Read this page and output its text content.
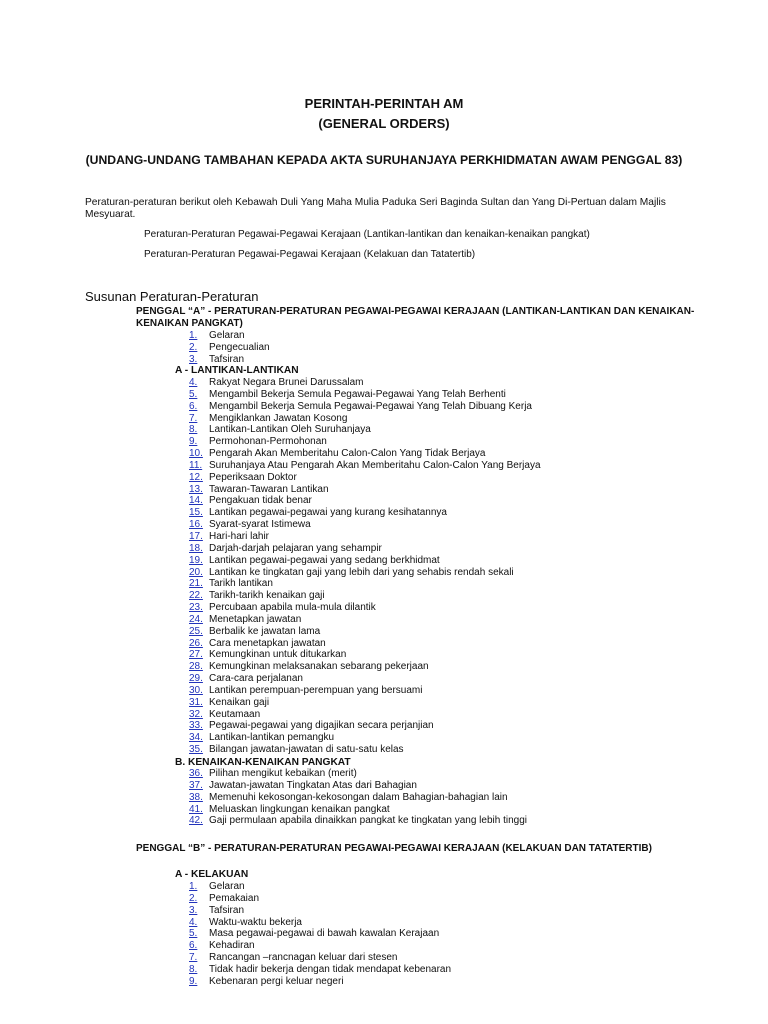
PERINTAH-PERINTAH AM
(GENERAL ORDERS)
(UNDANG-UNDANG TAMBAHAN KEPADA AKTA SURUHANJAYA PERKHIDMATAN AWAM PENGGAL 83)
Peraturan-peraturan berikut oleh Kebawah Duli Yang Maha Mulia Paduka Seri Baginda Sultan dan Yang Di-Pertuan dalam Majlis Mesyuarat.
Peraturan-Peraturan Pegawai-Pegawai Kerajaan (Lantikan-lantikan dan kenaikan-kenaikan pangkat)
Peraturan-Peraturan Pegawai-Pegawai Kerajaan (Kelakuan dan Tatatertib)
Susunan Peraturan-Peraturan
PENGGAL “A” - PERATURAN-PERATURAN PEGAWAI-PEGAWAI KERAJAAN (LANTIKAN-LANTIKAN DAN KENAIKAN-KENAIKAN PANGKAT)
1. Gelaran
2. Pengecualian
3. Tafsiran
A - LANTIKAN-LANTIKAN
4. Rakyat Negara Brunei Darussalam
5. Mengambil Bekerja Semula Pegawai-Pegawai Yang Telah Berhenti
6. Mengambil Bekerja Semula Pegawai-Pegawai Yang Telah Dibuang Kerja
7. Mengiklankan Jawatan Kosong
8. Lantikan-Lantikan Oleh Suruhanjaya
9. Permohonan-Permohonan
10. Pengarah Akan Memberitahu Calon-Calon Yang Tidak Berjaya
11. Suruhanjaya Atau Pengarah Akan Memberitahu Calon-Calon Yang Berjaya
12. Peperiksaan Doktor
13. Tawaran-Tawaran Lantikan
14. Pengakuan tidak benar
15. Lantikan pegawai-pegawai yang kurang kesihatannya
16. Syarat-syarat Istimewa
17. Hari-hari lahir
18. Darjah-darjah pelajaran yang sehampir
19. Lantikan pegawai-pegawai yang sedang berkhidmat
20. Lantikan ke tingkatan gaji yang lebih dari yang sehabis rendah sekali
21. Tarikh lantikan
22. Tarikh-tarikh kenaikan gaji
23. Percubaan apabila mula-mula dilantik
24. Menetapkan jawatan
25. Berbalik ke jawatan lama
26. Cara menetapkan jawatan
27. Kemungkinan untuk ditukarkan
28. Kemungkinan melaksanakan sebarang pekerjaan
29. Cara-cara perjalanan
30. Lantikan perempuan-perempuan yang bersuami
31. Kenaikan gaji
32. Keutamaan
33. Pegawai-pegawai yang digajikan secara perjanjian
34. Lantikan-lantikan pemangku
35. Bilangan jawatan-jawatan di satu-satu kelas
B. KENAIKAN-KENAIKAN PANGKAT
36. Pilihan mengikut kebaikan (merit)
37. Jawatan-jawatan Tingkatan Atas dari Bahagian
38. Memenuhi kekosongan-kekosongan dalam Bahagian-bahagian lain
41. Meluaskan lingkungan kenaikan pangkat
42. Gaji permulaan apabila dinaikkan pangkat ke tingkatan yang lebih tinggi
PENGGAL “B” - PERATURAN-PERATURAN PEGAWAI-PEGAWAI KERAJAAN (KELAKUAN DAN TATATERTIB)
A - KELAKUAN
1. Gelaran
2. Pemakaian
3. Tafsiran
4. Waktu-waktu bekerja
5. Masa pegawai-pegawai di bawah kawalan Kerajaan
6. Kehadiran
7. Rancangan –rancnagan keluar dari stesen
8. Tidak hadir bekerja dengan tidak mendapat kebenaran
9. Kebenaran pergi keluar negeri
